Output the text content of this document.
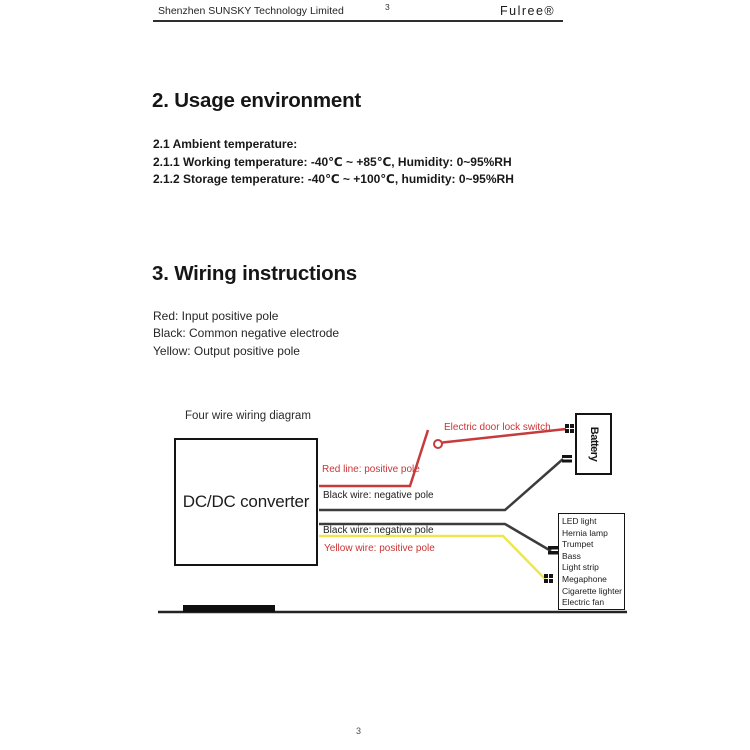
Shenzhen SUNSKY Technology Limited	3	Fulree®
2. Usage environment
2.1 Ambient temperature:
2.1.1 Working temperature: -40℃ ~ +85℃, Humidity: 0~95%RH
2.1.2 Storage temperature: -40℃ ~ +100℃, humidity: 0~95%RH
3. Wiring instructions
Red: Input positive pole
Black: Common negative electrode
Yellow: Output positive pole
Four wire wiring diagram
DC/DC converter
Battery
LED light
Hernia lamp
Trumpet
Bass
Light strip
Megaphone
Cigarette lighter
Electric fan
Red line: positive pole
Black wire: negative pole
Electric door lock switch
Black wire: negative pole
Yellow wire: positive pole
3
